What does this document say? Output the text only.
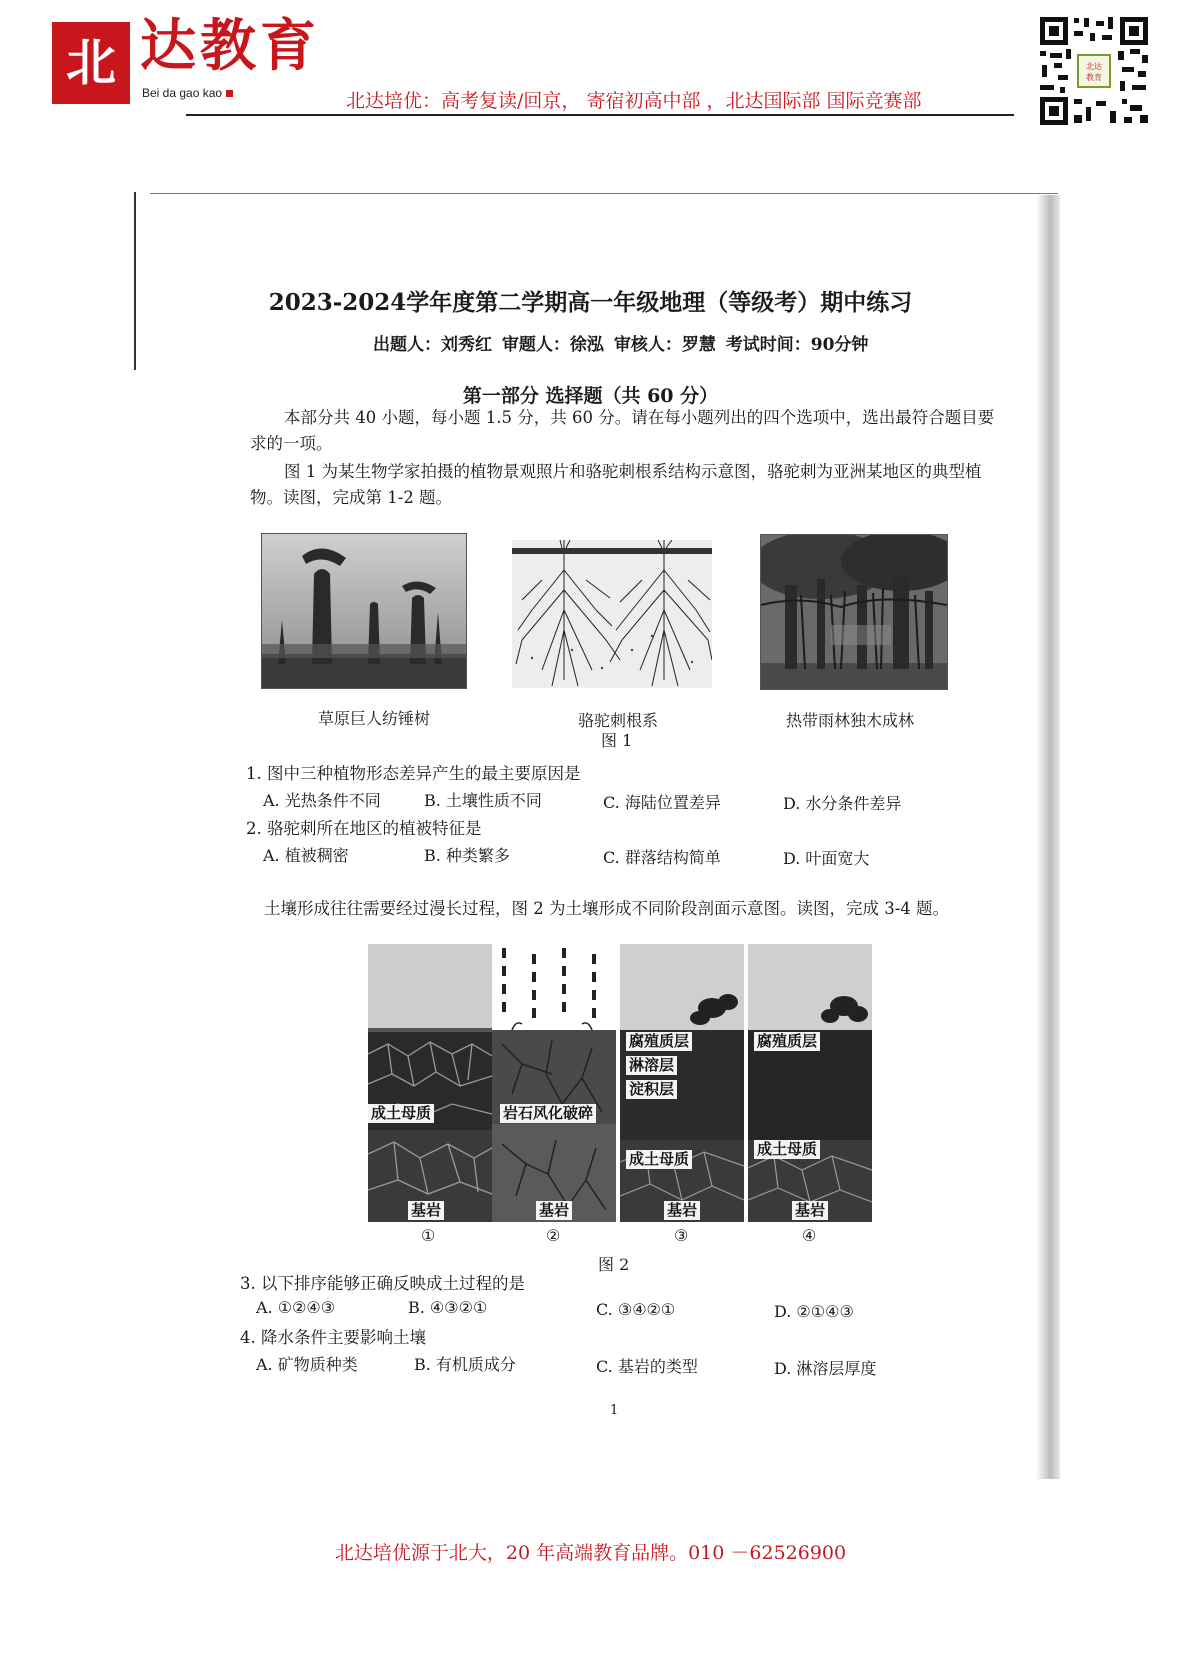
北 达教育
Bei da gao kao	北达培优：高考复读/回京， 寄宿初高中部 ，北达国际部 国际竞赛部
北达
教育
2023-2024学年度第二学期高一年级地理（等级考）期中练习
出题人：刘秀红 审题人：徐泓 审核人：罗慧 考试时间：90分钟
第一部分 选择题（共 60 分）
本部分共 40 小题，每小题 1.5 分，共 60 分。请在每小题列出的四个选项中，选出最符合题目要求的一项。
图 1 为某生物学家拍摄的植物景观照片和骆驼刺根系结构示意图，骆驼刺为亚洲某地区的典型植物。读图，完成第 1-2 题。
草原巨人纺锤树	骆驼刺根系	热带雨林独木成林
图 1
1. 图中三种植物形态差异产生的最主要原因是
A. 光热条件不同	B. 土壤性质不同	C. 海陆位置差异	D. 水分条件差异
2. 骆驼刺所在地区的植被特征是
A. 植被稠密	B. 种类繁多	C. 群落结构简单	D. 叶面宽大
土壤形成往往需要经过漫长过程，图 2 为土壤形成不同阶段剖面示意图。读图，完成 3-4 题。
成土母质
基岩
岩石风化破碎
基岩
腐殖质层
淋溶层
淀积层
成土母质
基岩
腐殖质层
成土母质
基岩
①	②	③	④
图 2
3. 以下排序能够正确反映成土过程的是
A. ①②④③	B. ④③②①	C. ③④②①	D. ②①④③
4. 降水条件主要影响土壤
A. 矿物质种类	B. 有机质成分	C. 基岩的类型	D. 淋溶层厚度
1
北达培优源于北大，20 年高端教育品牌。010 －62526900
